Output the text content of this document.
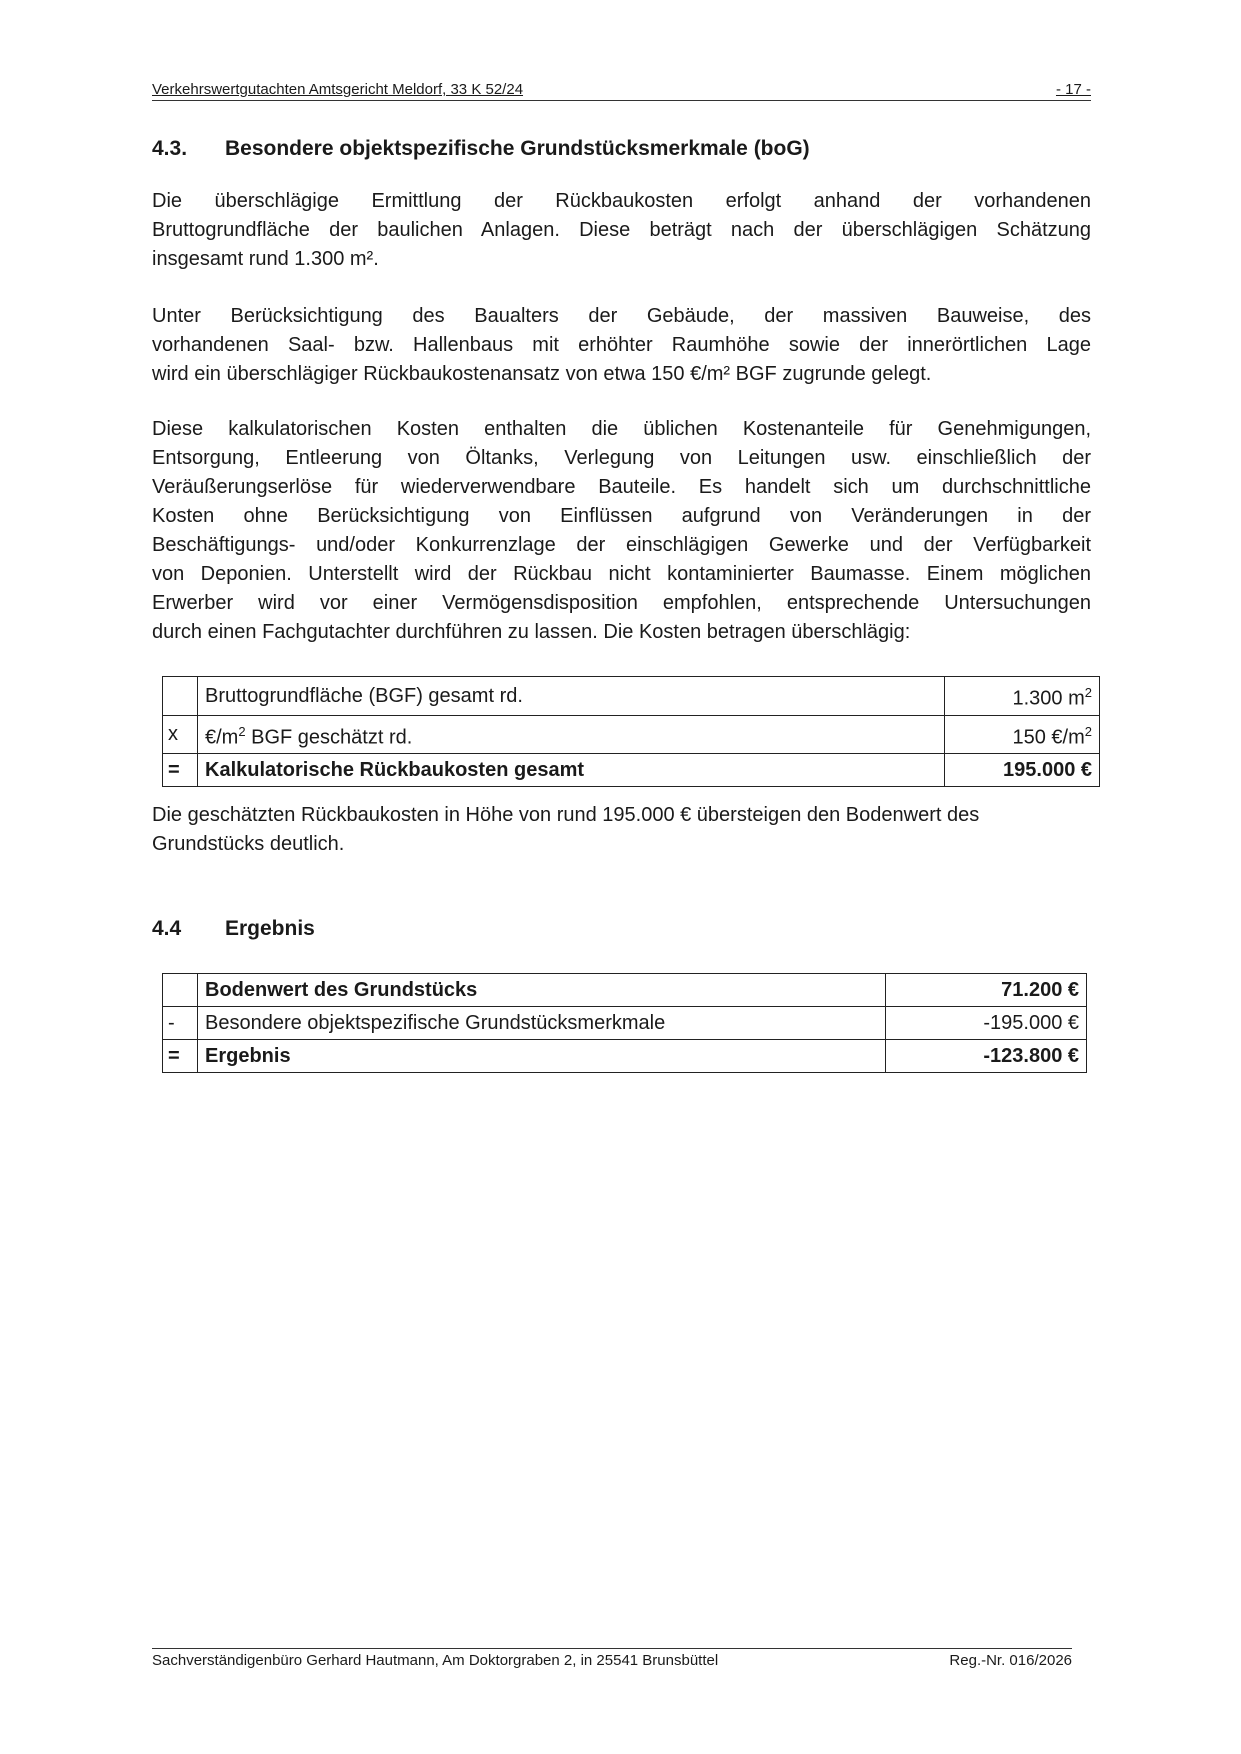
Verkehrswertgutachten Amtsgericht Meldorf, 33 K 52/24	- 17 -
4.3. Besondere objektspezifische Grundstücksmerkmale (boG)
Die überschlägige Ermittlung der Rückbaukosten erfolgt anhand der vorhandenen
Bruttogrundfläche der baulichen Anlagen. Diese beträgt nach der überschlägigen Schätzung
insgesamt rund 1.300 m².
Unter Berücksichtigung des Baualters der Gebäude, der massiven Bauweise, des
vorhandenen Saal- bzw. Hallenbaus mit erhöhter Raumhöhe sowie der innerörtlichen Lage
wird ein überschlägiger Rückbaukostenansatz von etwa 150 €/m² BGF zugrunde gelegt.
Diese kalkulatorischen Kosten enthalten die üblichen Kostenanteile für Genehmigungen,
Entsorgung, Entleerung von Öltanks, Verlegung von Leitungen usw. einschließlich der
Veräußerungserlöse für wiederverwendbare Bauteile. Es handelt sich um durchschnittliche
Kosten ohne Berücksichtigung von Einflüssen aufgrund von Veränderungen in der
Beschäftigungs- und/oder Konkurrenzlage der einschlägigen Gewerke und der Verfügbarkeit
von Deponien. Unterstellt wird der Rückbau nicht kontaminierter Baumasse. Einem möglichen
Erwerber wird vor einer Vermögensdisposition empfohlen, entsprechende Untersuchungen
durch einen Fachgutachter durchführen zu lassen. Die Kosten betragen überschlägig:
	Bruttogrundfläche (BGF) gesamt rd.	1.300 $m^2$
x	$€/m^2$ BGF geschätzt rd.	150 $€/m^2$
=	Kalkulatorische Rückbaukosten gesamt	195.000 €
Die geschätzten Rückbaukosten in Höhe von rund 195.000 € übersteigen den Bodenwert des
Grundstücks deutlich.
4.4 Ergebnis
	Bodenwert des Grundstücks	71.200 €
-	Besondere objektspezifische Grundstücksmerkmale	-195.000 €
=	Ergebnis	-123.800 €
Sachverständigenbüro Gerhard Hautmann, Am Doktorgraben 2, in 25541 Brunsbüttel	Reg.-Nr. 016/2026
